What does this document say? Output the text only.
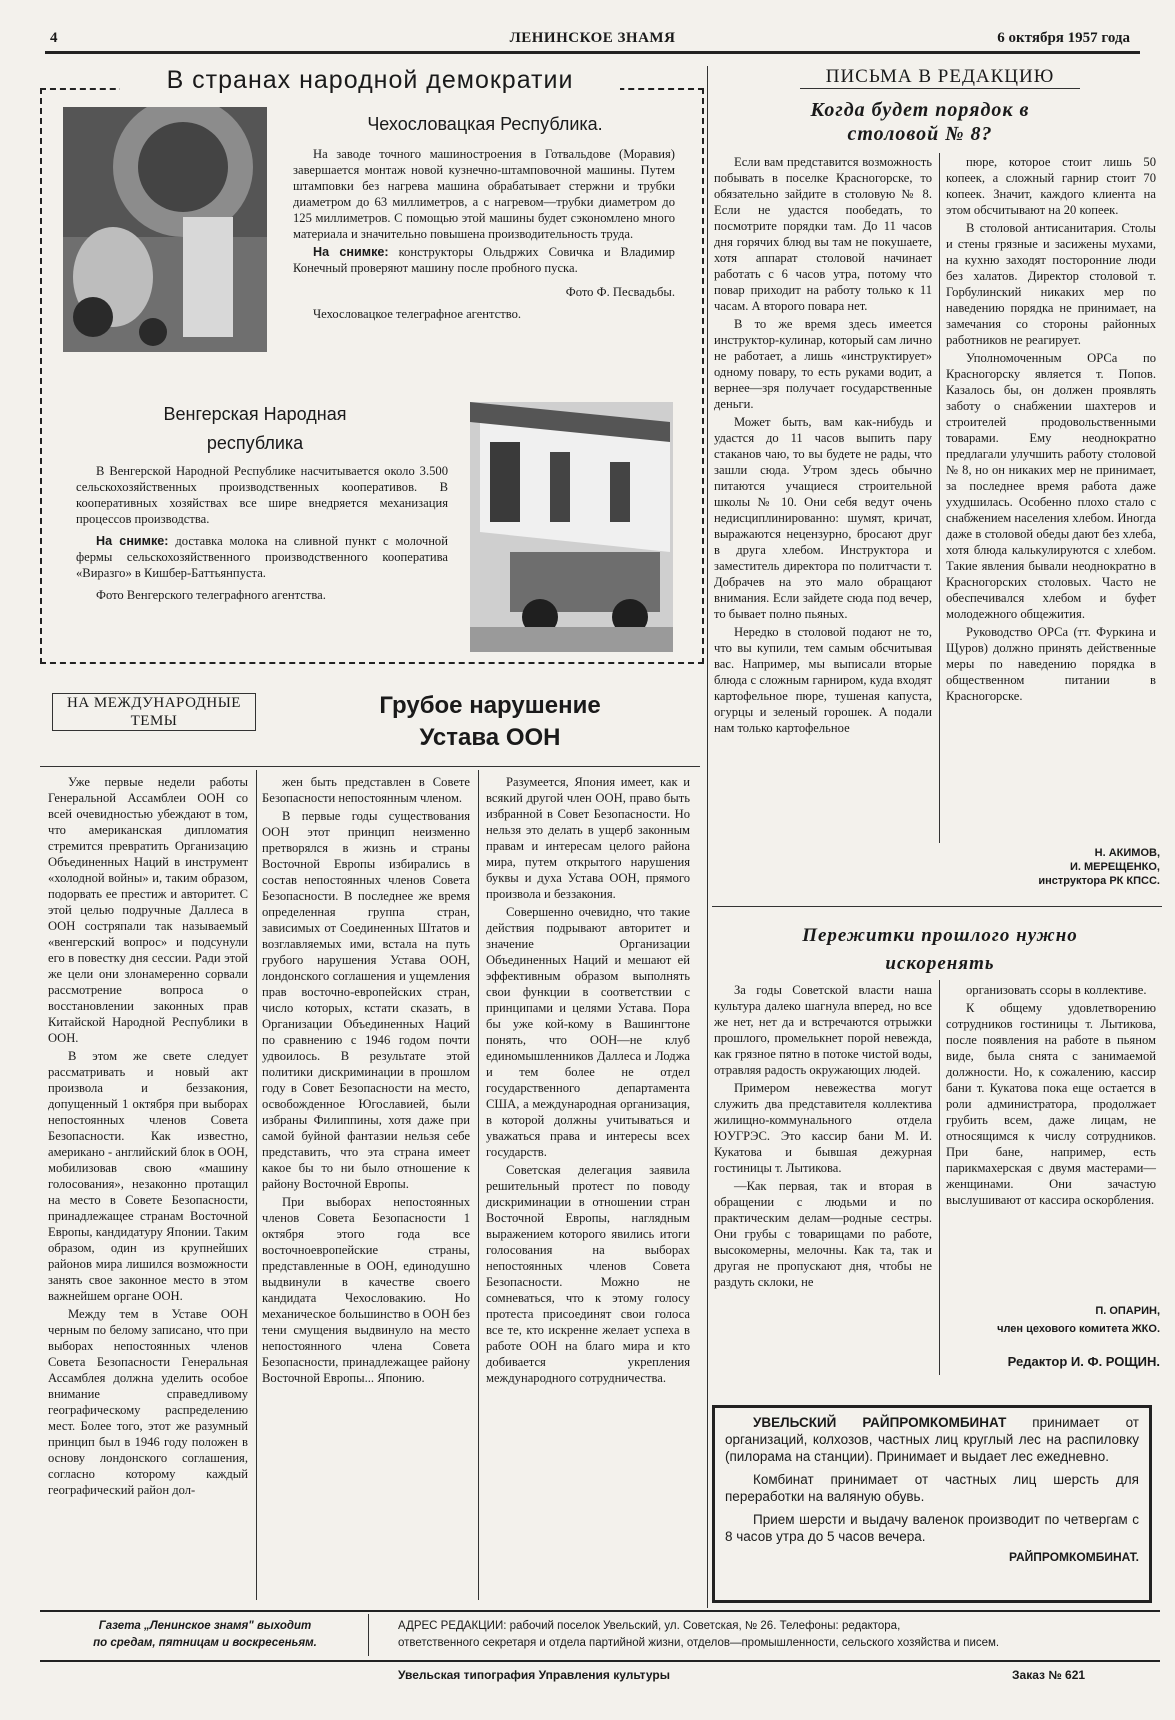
4	ЛЕНИНСКОЕ ЗНАМЯ	6 октября 1957 года
В странах народной демократии
Чехословацкая Республика.

На заводе точного машиностроения в Готвальдове (Моравия) завершается монтаж новой кузнечно-штамповочной машины. Путем штамповки без нагрева машина обрабатывает стержни и трубки диаметром до 63 миллиметров, а с нагревом—трубки диаметром до 125 миллиметров. С помощью этой машины будет сэкономлено много материала и значительно повышена производительность труда.

На снимке: конструкторы Ольдржих Совичка и Владимир Конечный проверяют машину после пробного пуска.

Фото Ф. Песвадьбы.

Чехословацкое телеграфное агентство.

Венгерская Народная республика

В Венгерской Народной Республике насчитывается около 3.500 сельскохозяйственных производственных кооперативов. В кооперативных хозяйствах все шире внедряется механизация процессов производства.

На снимке: доставка молока на сливной пункт с молочной фермы сельскохозяйственного производственного кооператива «Виразго» в Кишбер-Баттьянпуста.

Фото Венгерского телеграфного агентства.

НА МЕЖДУНАРОДНЫЕ ТЕМЫ
Грубое нарушение Устава ООН

Уже первые недели работы Генеральной Ассамблеи ООН со всей очевидностью убеждают в том, что американская дипломатия стремится превратить Организацию Объединенных Наций в инструмент «холодной войны» и, таким образом, подорвать ее престиж и авторитет. С этой целью подручные Даллеса в ООН состряпали так называемый «венгерский вопрос» и подсунули его в повестку дня сессии. Ради этой же цели они злонамеренно сорвали рассмотрение вопроса о восстановлении законных прав Китайской Народной Республики в ООН.

В этом же свете следует рассматривать и новый акт произвола и беззакония, допущенный 1 октября при выборах непостоянных членов Совета Безопасности. Как известно, американо - английский блок в ООН, мобилизовав свою «машину голосования», незаконно протащил на место в Совете Безопасности, принадлежащее странам Восточной Европы, кандидатуру Японии. Таким образом, один из крупнейших районов мира лишился возможности занять свое законное место в этом важнейшем органе ООН.

Между тем в Уставе ООН черным по белому записано, что при выборах непостоянных членов Совета Безопасности Генеральная Ассамблея должна уделить особое внимание справедливому географическому распределению мест. Более того, этот же разумный принцип был в 1946 году положен в основу лондонского соглашения, согласно которому каждый географический район дол-

жен быть представлен в Совете Безопасности непостоянным членом.

В первые годы существования ООН этот принцип неизменно претворялся в жизнь и страны Восточной Европы избирались в состав непостоянных членов Совета Безопасности. В последнее же время определенная группа стран, зависимых от Соединенных Штатов и возглавляемых ими, встала на путь грубого нарушения Устава ООН, лондонского соглашения и ущемления прав восточно-европейских стран, число которых, кстати сказать, в Организации Объединенных Наций по сравнению с 1946 годом почти удвоилось. В результате этой политики дискриминации в прошлом году в Совет Безопасности на место, освобожденное Югославией, были избраны Филиппины, хотя даже при самой буйной фантазии нельзя себе представить, что эта страна имеет какое бы то ни было отношение к району Восточной Европы.

При выборах непостоянных членов Совета Безопасности 1 октября этого года все восточноевропейские страны, представленные в ООН, единодушно выдвинули в качестве своего кандидата Чехословакию. Но механическое большинство в ООН без тени смущения выдвинуло на место непостоянного члена Совета Безопасности, принадлежащее району Восточной Европы... Японию.

Разумеется, Япония имеет, как и всякий другой член ООН, право быть избранной в Совет Безопасности. Но нельзя это делать в ущерб законным правам и интересам целого района мира, путем открытого нарушения буквы и духа Устава ООН, прямого произвола и беззакония.

Совершенно очевидно, что такие действия подрывают авторитет и значение Организации Объединенных Наций и мешают ей эффективным образом выполнять свои функции в соответствии с принципами и целями Устава. Пора бы уже кой-кому в Вашингтоне понять, что ООН—не клуб единомышленников Даллеса и Лоджа и тем более не отдел государственного департамента США, а международная организация, в которой должны учитываться и уважаться права и интересы всех государств.

Советская делегация заявила решительный протест по поводу дискриминации в отношении стран Восточной Европы, наглядным выражением которого явились итоги голосования на выборах непостоянных членов Совета Безопасности. Можно не сомневаться, что к этому голосу протеста присоединят свои голоса все те, кто искренне желает успеха в работе ООН на благо мира и кто добивается укрепления международного сотрудничества.

ПИСЬМА В РЕДАКЦИЮ
Когда будет порядок в столовой № 8?

Если вам представится возможность побывать в поселке Красногорске, то обязательно зайдите в столовую № 8. Если не удастся пообедать, то посмотрите порядки там. До 11 часов дня горячих блюд вы там не покушаете, хотя аппарат столовой начинает работать с 6 часов утра, потому что повар приходит на работу только к 11 часам. А второго повара нет.

В то же время здесь имеется инструктор-кулинар, который сам лично не работает, а лишь «инструктирует» одному повару, то есть руками водит, а вернее—зря получает государственные деньги.

Может быть, вам как-нибудь и удастся до 11 часов выпить пару стаканов чаю, то вы будете не рады, что зашли сюда. Утром здесь обычно питаются учащиеся строительной школы № 10. Они себя ведут очень недисциплинированно: шумят, кричат, выражаются нецензурно, бросают друг в друга хлебом. Инструктора и заместитель директора по политчасти т. Добрачев на это мало обращают внимания. Если зайдете сюда под вечер, то бывает полно пьяных.

Нередко в столовой подают не то, что вы купили, тем самым обсчитывая вас. Например, мы выписали вторые блюда с сложным гарниром, куда входят картофельное пюре, тушеная капуста, огурцы и зеленый горошек. А подали нам только картофельное

пюре, которое стоит лишь 50 копеек, а сложный гарнир стоит 70 копеек. Значит, каждого клиента на этом обсчитывают на 20 копеек.

В столовой антисанитария. Столы и стены грязные и засижены мухами, на кухню заходят посторонние люди без халатов. Директор столовой т. Горбулинский никаких мер по наведению порядка не принимает, на замечания со стороны районных работников не реагирует.

Уполномоченным ОРСа по Красногорску является т. Попов. Казалось бы, он должен проявлять заботу о снабжении шахтеров и строителей продовольственными товарами. Ему неоднократно предлагали улучшить работу столовой № 8, но он никаких мер не принимает, за последнее время работа даже ухудшилась. Особенно плохо стало с снабжением населения хлебом. Иногда даже в столовой обеды дают без хлеба, хотя блюда калькулируются с хлебом. Такие явления бывали неоднократно в Красногорских столовых. Часто не обеспечивался хлебом и буфет молодежного общежития.

Руководство ОРСа (тт. Фуркина и Щуров) должно принять действенные меры по наведению порядка в общественном питании в Красногорске.

Н. АКИМОВ,
И. МЕРЕЩЕНКО,
инструктора РК КПСС.
Пережитки прошлого нужно искоренять

За годы Советской власти наша культура далеко шагнула вперед, но все же нет, нет да и встречаются отрыжки прошлого, промелькнет порой невежда, как грязное пятно в потоке чистой воды, отравляя радость окружающих людей.

Примером невежества могут служить два представителя коллектива жилищно-коммунального отдела ЮУГРЭС. Это кассир бани М. И. Кукатова и бывшая дежурная гостиницы т. Лытикова.

—Как первая, так и вторая в обращении с людьми и по практическим делам—родные сестры. Они грубы с товарищами по работе, высокомерны, мелочны. Как та, так и другая не пропускают дня, чтобы не раздуть склоки, не

организовать ссоры в коллективе.

К общему удовлетворению сотрудников гостиницы т. Лытикова, после появления на работе в пьяном виде, была снята с занимаемой должности. Но, к сожалению, кассир бани т. Кукатова пока еще остается в роли администратора, продолжает грубить всем, даже лицам, не относящимся к числу сотрудников. При бане, например, есть парикмахерская с двумя мастерами—женщинами. Они зачастую выслушивают от кассира оскорбления.

П. ОПАРИН,
член цехового комитета ЖКО.
Редактор И. Ф. РОЩИН.

УВЕЛЬСКИЙ РАЙПРОМКОМБИНАТ принимает от организаций, колхозов, частных лиц круглый лес на распиловку (пилорама на станции). Принимает и выдает лес ежедневно.

Комбинат принимает от частных лиц шерсть для переработки на валяную обувь.

Прием шерсти и выдачу валенок производит по четвергам с 8 часов утра до 5 часов вечера.

РАЙПРОМКОМБИНАТ.
Газета „Ленинское знамя" выходит
по средам, пятницам и воскресеньям.
АДРЕС РЕДАКЦИИ: рабочий поселок Увельский, ул. Советская, № 26. Телефоны: редактора,
ответственного секретаря и отдела партийной жизни, отделов—промышленности, сельского хозяйства и писем.
Увельская типография Управления культуры	Заказ № 621
